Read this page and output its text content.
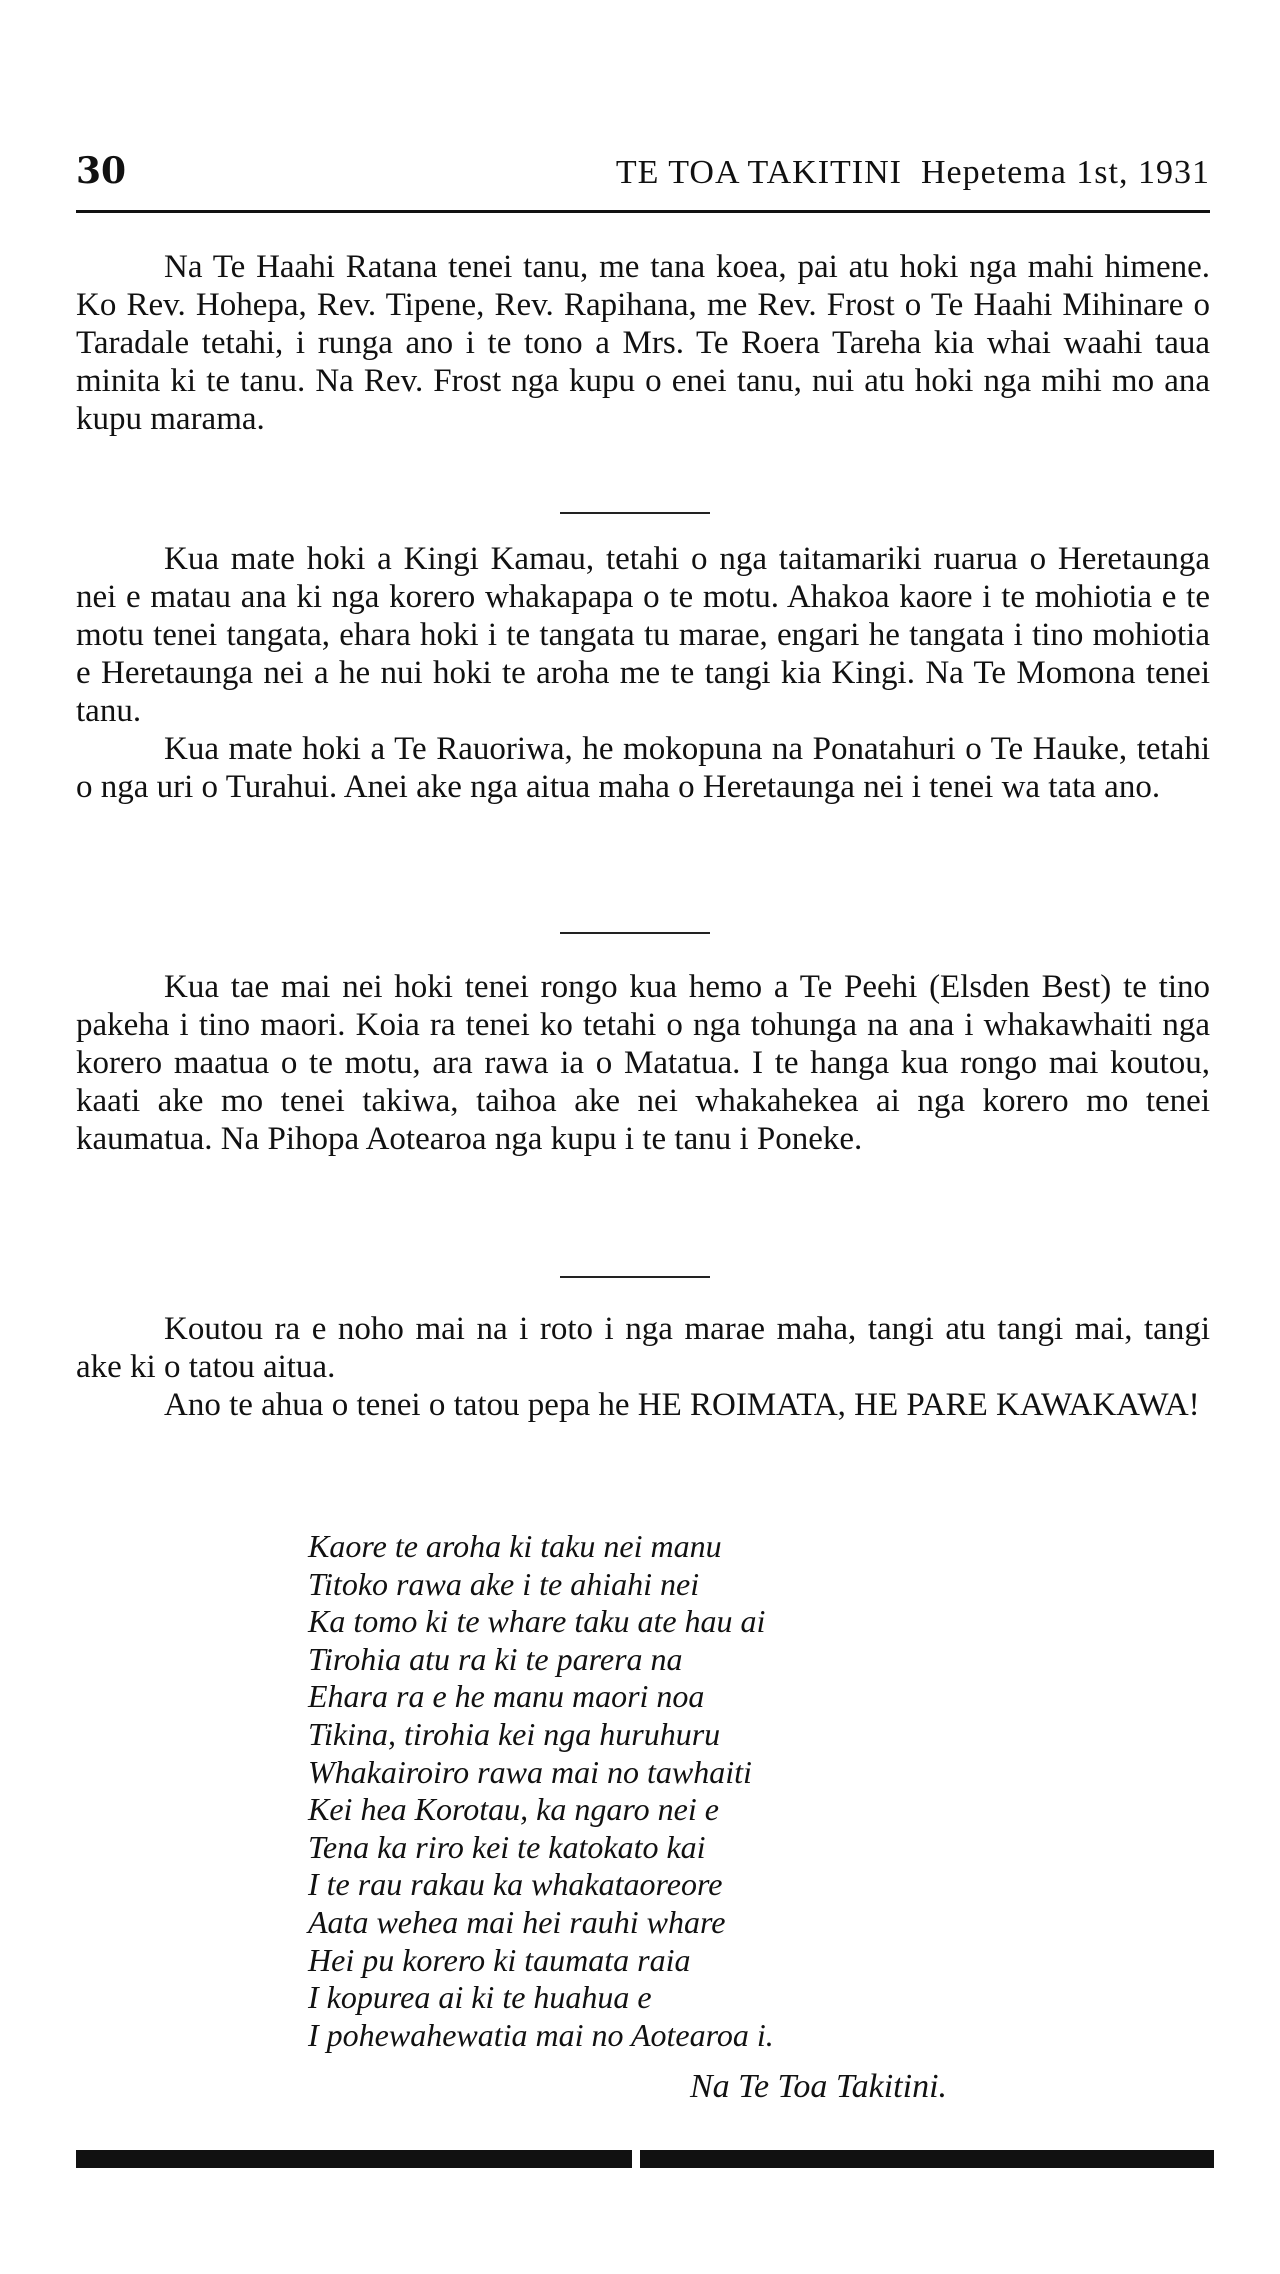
30	TE TOA TAKITINI Hepetema 1st, 1931

Na Te Haahi Ratana tenei tanu, me tana koea, pai atu hoki nga mahi himene. Ko Rev. Hohepa, Rev. Tipene, Rev. Rapihana, me Rev. Frost o Te Haahi Mihinare o Taradale tetahi, i runga ano i te tono a Mrs. Te Roera Tareha kia whai waahi taua minita ki te tanu. Na Rev. Frost nga kupu o enei tanu, nui atu hoki nga mihi mo ana kupu marama.

Kua mate hoki a Kingi Kamau, tetahi o nga taitamariki ruarua o Heretaunga nei e matau ana ki nga korero whakapapa o te motu. Ahakoa kaore i te mohiotia e te motu tenei tangata, ehara hoki i te tangata tu marae, engari he tangata i tino mohiotia e Heretaunga nei a he nui hoki te aroha me te tangi kia Kingi. Na Te Momona tenei tanu.

Kua mate hoki a Te Rauoriwa, he mokopuna na Ponatahuri o Te Hauke, tetahi o nga uri o Turahui. Anei ake nga aitua maha o Heretaunga nei i tenei wa tata ano.

Kua tae mai nei hoki tenei rongo kua hemo a Te Peehi (Elsden Best) te tino pakeha i tino maori. Koia ra tenei ko tetahi o nga tohunga na ana i whakawhaiti nga korero maatua o te motu, ara rawa ia o Matatua. I te hanga kua rongo mai koutou, kaati ake mo tenei takiwa, taihoa ake nei whakahekea ai nga korero mo tenei kaumatua. Na Pihopa Aotearoa nga kupu i te tanu i Poneke.

Koutou ra e noho mai na i roto i nga marae maha, tangi atu tangi mai, tangi ake ki o tatou aitua.

Ano te ahua o tenei o tatou pepa he HE ROIMATA, HE PARE KAWAKAWA!

Kaore te aroha ki taku nei manu
Titoko rawa ake i te ahiahi nei
Ka tomo ki te whare taku ate hau ai
Tirohia atu ra ki te parera na
Ehara ra e he manu maori noa
Tikina, tirohia kei nga huruhuru
Whakairoiro rawa mai no tawhaiti
Kei hea Korotau, ka ngaro nei e
Tena ka riro kei te katokato kai
I te rau rakau ka whakataoreore
Aata wehea mai hei rauhi whare
Hei pu korero ki taumata raia
I kopurea ai ki te huahua e
I pohewahewatia mai no Aotearoa i.
Na Te Toa Takitini.
